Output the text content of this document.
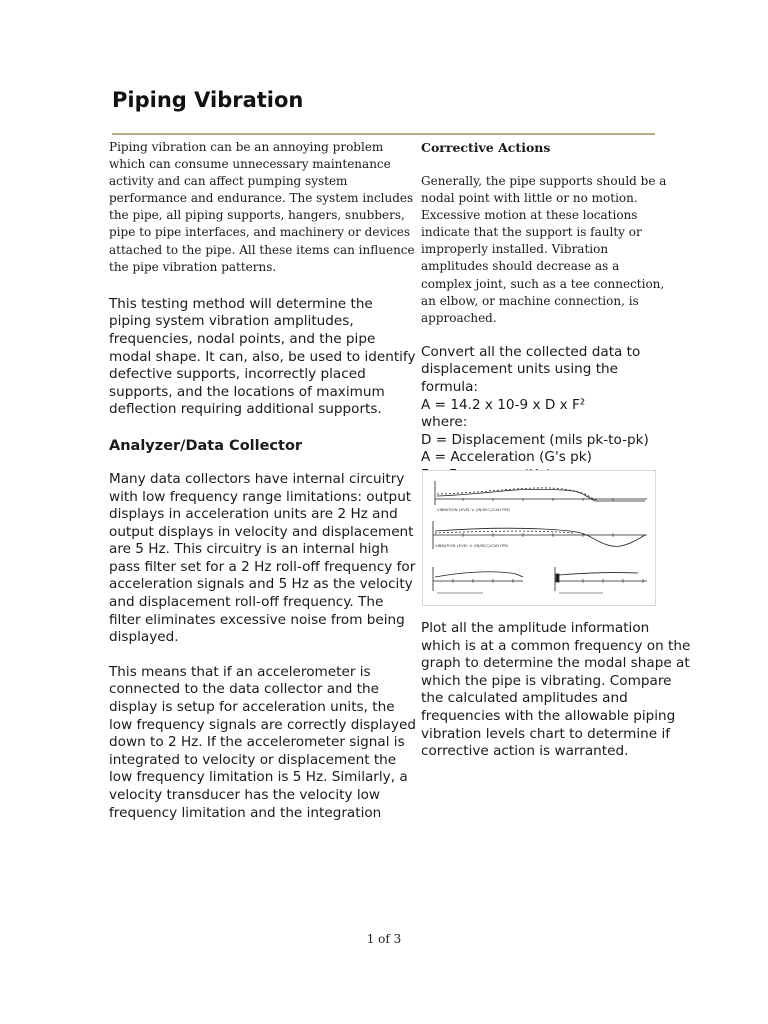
Piping Vibration

Piping vibration can be an annoying problem which can consume unnecessary maintenance activity and can affect pumping system performance and endurance. The system includes the pipe, all piping supports, hangers, snubbers, pipe to pipe interfaces, and machinery or devices attached to the pipe. All these items can influence the pipe vibration patterns.

This testing method will determine the piping system vibration amplitudes, frequencies, nodal points, and the pipe modal shape. It can, also, be used to identify defective supports, incorrectly placed supports, and the locations of maximum deflection requiring additional supports.

Analyzer/Data Collector

Many data collectors have internal circuitry with low frequency range limitations: output displays in acceleration units are 2 Hz and output displays in velocity and displacement are 5 Hz. This circuitry is an internal high pass filter set for a 2 Hz roll-off frequency for acceleration signals and 5 Hz as the velocity and displacement roll-off frequency. The filter eliminates excessive noise from being displayed.

This means that if an accelerometer is connected to the data collector and the display is setup for acceleration units, the low frequency signals are correctly displayed down to 2 Hz. If the accelerometer signal is integrated to velocity or displacement the low frequency limitation is 5 Hz. Similarly, a velocity transducer has the velocity low frequency limitation and the integration

Corrective Actions

Generally, the pipe supports should be a nodal point with little or no motion. Excessive motion at these locations indicate that the support is faulty or improperly installed. Vibration amplitudes should decrease as a complex joint, such as a tee connection, an elbow, or machine connection, is approached.

Convert all the collected data to displacement units using the formula:

A = 14.2 x 10-9 x D x F²

where:

D = Displacement (mils pk-to-pk)

A = Acceleration (G's pk)

VIBRATION LEVEL V. (IN/SEC)/CAD PPD
VIBRATION LEVEL V. (IN/SEC)/CAD PPD

Plot all the amplitude information which is at a common frequency on the graph to determine the modal shape at which the pipe is vibrating. Compare the calculated amplitudes and frequencies with the allowable piping vibration levels chart to determine if corrective action is warranted.

1 of 3
